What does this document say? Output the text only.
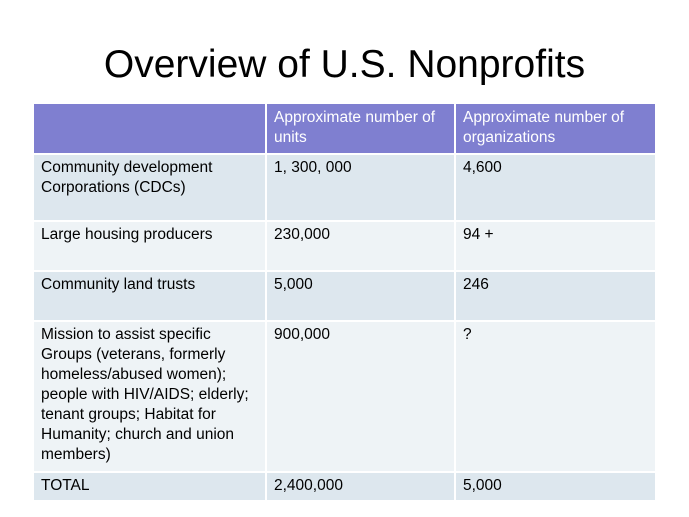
Overview of U.S. Nonprofits
	Approximate number of units	Approximate number of organizations
Community development Corporations (CDCs)	1, 300, 000	4,600
Large housing producers	230,000	94 +
Community land trusts	5,000	246
Mission to assist specific Groups (veterans, formerly homeless/abused women); people with HIV/AIDS; elderly; tenant groups; Habitat for Humanity; church and union members)	900,000	?
TOTAL	2,400,000	5,000
